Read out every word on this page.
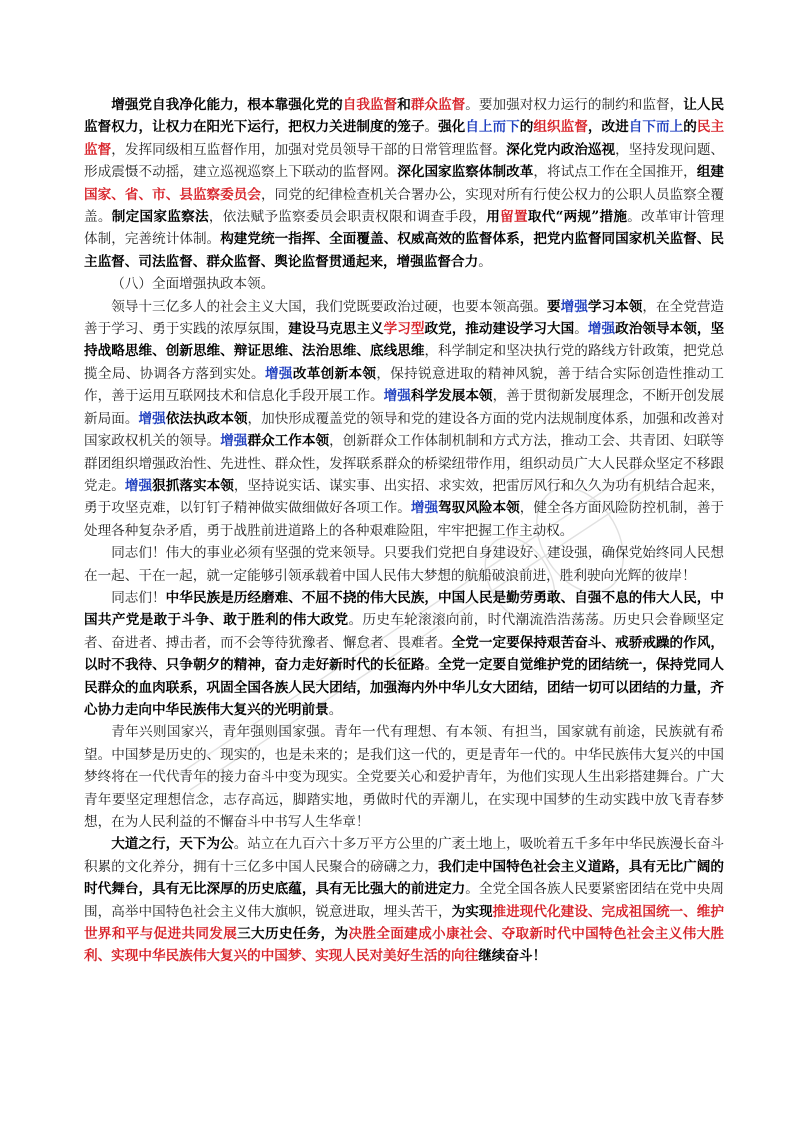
增强党自我净化能力，根本靠强化党的自我监督和群众监督。要加强对权力运行的制约和监督，让人民监督权力，让权力在阳光下运行，把权力关进制度的笼子。强化自上而下的组织监督，改进自下而上的民主监督，发挥同级相互监督作用，加强对党员领导干部的日常管理监督。深化党内政治巡视，坚持发现问题、形成震慑不动摇，建立巡视巡察上下联动的监督网。深化国家监察体制改革，将试点工作在全国推开，组建国家、省、市、县监察委员会，同党的纪律检查机关合署办公，实现对所有行使公权力的公职人员监察全覆盖。制定国家监察法，依法赋予监察委员会职责权限和调查手段，用留置取代“两规”措施。改革审计管理体制，完善统计体制。构建党统一指挥、全面覆盖、权威高效的监督体系，把党内监督同国家机关监督、民主监督、司法监督、群众监督、舆论监督贯通起来，增强监督合力。

（八）全面增强执政本领。

领导十三亿多人的社会主义大国，我们党既要政治过硬，也要本领高强。要增强学习本领，在全党营造善于学习、勇于实践的浓厚氛围，建设马克思主义学习型政党，推动建设学习大国。增强政治领导本领，坚持战略思维、创新思维、辩证思维、法治思维、底线思维，科学制定和坚决执行党的路线方针政策，把党总揽全局、协调各方落到实处。增强改革创新本领，保持锐意进取的精神风貌，善于结合实际创造性推动工作，善于运用互联网技术和信息化手段开展工作。增强科学发展本领，善于贯彻新发展理念，不断开创发展新局面。增强依法执政本领，加快形成覆盖党的领导和党的建设各方面的党内法规制度体系，加强和改善对国家政权机关的领导。增强群众工作本领，创新群众工作体制机制和方式方法，推动工会、共青团、妇联等群团组织增强政治性、先进性、群众性，发挥联系群众的桥梁纽带作用，组织动员广大人民群众坚定不移跟党走。增强狠抓落实本领，坚持说实话、谋实事、出实招、求实效，把雷厉风行和久久为功有机结合起来，勇于攻坚克难，以钉钉子精神做实做细做好各项工作。增强驾驭风险本领，健全各方面风险防控机制，善于处理各种复杂矛盾，勇于战胜前进道路上的各种艰难险阻，牢牢把握工作主动权。

同志们！伟大的事业必须有坚强的党来领导。只要我们党把自身建设好、建设强，确保党始终同人民想在一起、干在一起，就一定能够引领承载着中国人民伟大梦想的航船破浪前进，胜利驶向光辉的彼岸！

同志们！中华民族是历经磨难、不屈不挠的伟大民族，中国人民是勤劳勇敢、自强不息的伟大人民，中国共产党是敢于斗争、敢于胜利的伟大政党。历史车轮滚滚向前，时代潮流浩浩荡荡。历史只会眷顾坚定者、奋进者、搏击者，而不会等待犹豫者、懈怠者、畏难者。全党一定要保持艰苦奋斗、戒骄戒躁的作风，以时不我待、只争朝夕的精神，奋力走好新时代的长征路。全党一定要自觉维护党的团结统一，保持党同人民群众的血肉联系，巩固全国各族人民大团结，加强海内外中华儿女大团结，团结一切可以团结的力量，齐心协力走向中华民族伟大复兴的光明前景。

青年兴则国家兴，青年强则国家强。青年一代有理想、有本领、有担当，国家就有前途，民族就有希望。中国梦是历史的、现实的，也是未来的；是我们这一代的，更是青年一代的。中华民族伟大复兴的中国梦终将在一代代青年的接力奋斗中变为现实。全党要关心和爱护青年，为他们实现人生出彩搭建舞台。广大青年要坚定理想信念，志存高远，脚踏实地，勇做时代的弄潮儿，在实现中国梦的生动实践中放飞青春梦想，在为人民利益的不懈奋斗中书写人生华章！

大道之行，天下为公。站立在九百六十多万平方公里的广袤土地上，吸吮着五千多年中华民族漫长奋斗积累的文化养分，拥有十三亿多中国人民聚合的磅礴之力，我们走中国特色社会主义道路，具有无比广阔的时代舞台，具有无比深厚的历史底蕴，具有无比强大的前进定力。全党全国各族人民要紧密团结在党中央周围，高举中国特色社会主义伟大旗帜，锐意进取，埋头苦干，为实现推进现代化建设、完成祖国统一、维护世界和平与促进共同发展三大历史任务，为决胜全面建成小康社会、夺取新时代中国特色社会主义伟大胜利、实现中华民族伟大复兴的中国梦、实现人民对美好生活的向往继续奋斗！
